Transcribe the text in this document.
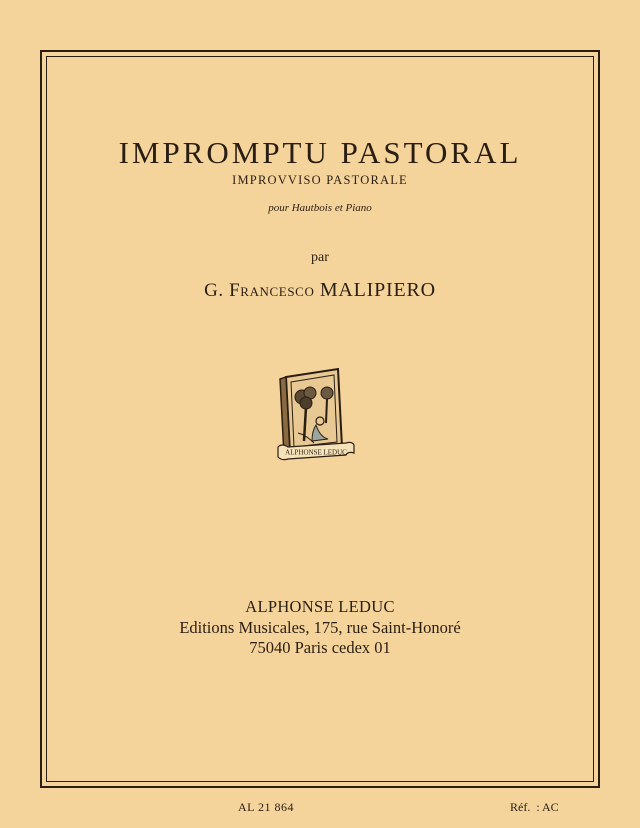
IMPROMPTU PASTORAL
IMPROVVISO PASTORALE
pour Hautbois et Piano
par
G. Francesco MALIPIERO
ALPHONSE LEDUC
ALPHONSE LEDUC
Editions Musicales, 175, rue Saint-Honoré
75040 Paris cedex 01
AL 21 864	Réf.  : AC
